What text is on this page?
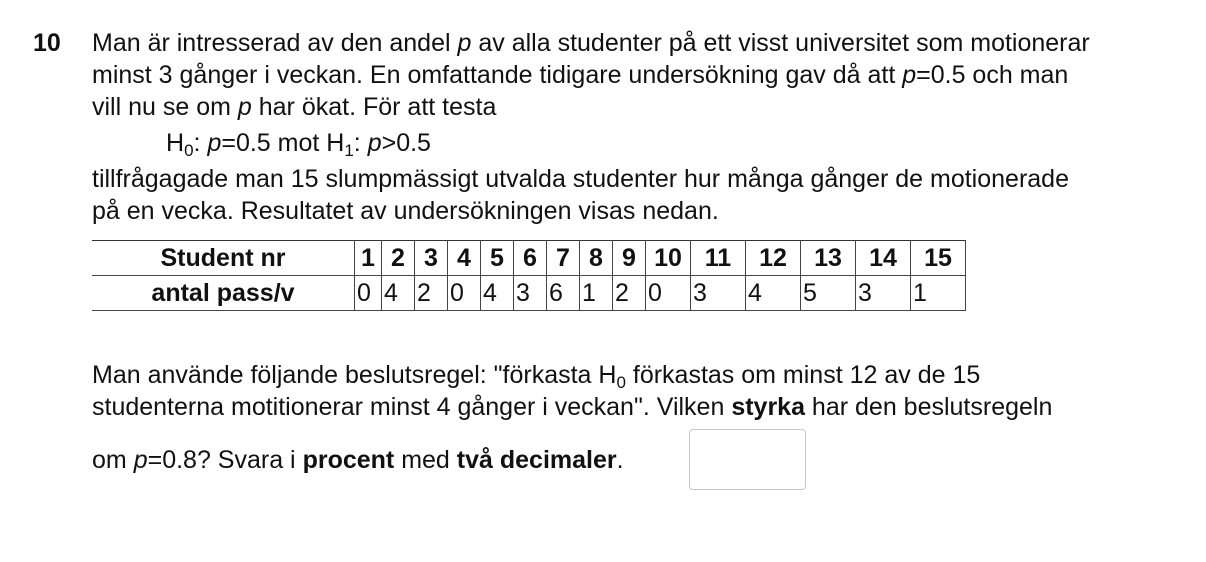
10 Man är intresserad av den andel p av alla studenter på ett visst universitet som motionerar

minst 3 gånger i veckan. En omfattande tidigare undersökning gav då att p=0.5 och man

vill nu se om p har ökat. För att testa

$H_0$: p=0.5 mot $H_1$: p>0.5

tillfrågagade man 15 slumpmässigt utvalda studenter hur många gånger de motionerade

på en vecka. Resultatet av undersökningen visas nedan.

Student nr	1	2	3	4	5	6	7	8	9	10	11	12	13	14	15
antal pass/v	0	4	2	0	4	3	6	1	2	0	3	4	5	3	1

Man använde följande beslutsregel: "förkasta $H_0$ förkastas om minst 12 av de 15

studenterna motitionerar minst 4 gånger i veckan". Vilken styrka har den beslutsregeln

om p=0.8? Svara i procent med två decimaler.
